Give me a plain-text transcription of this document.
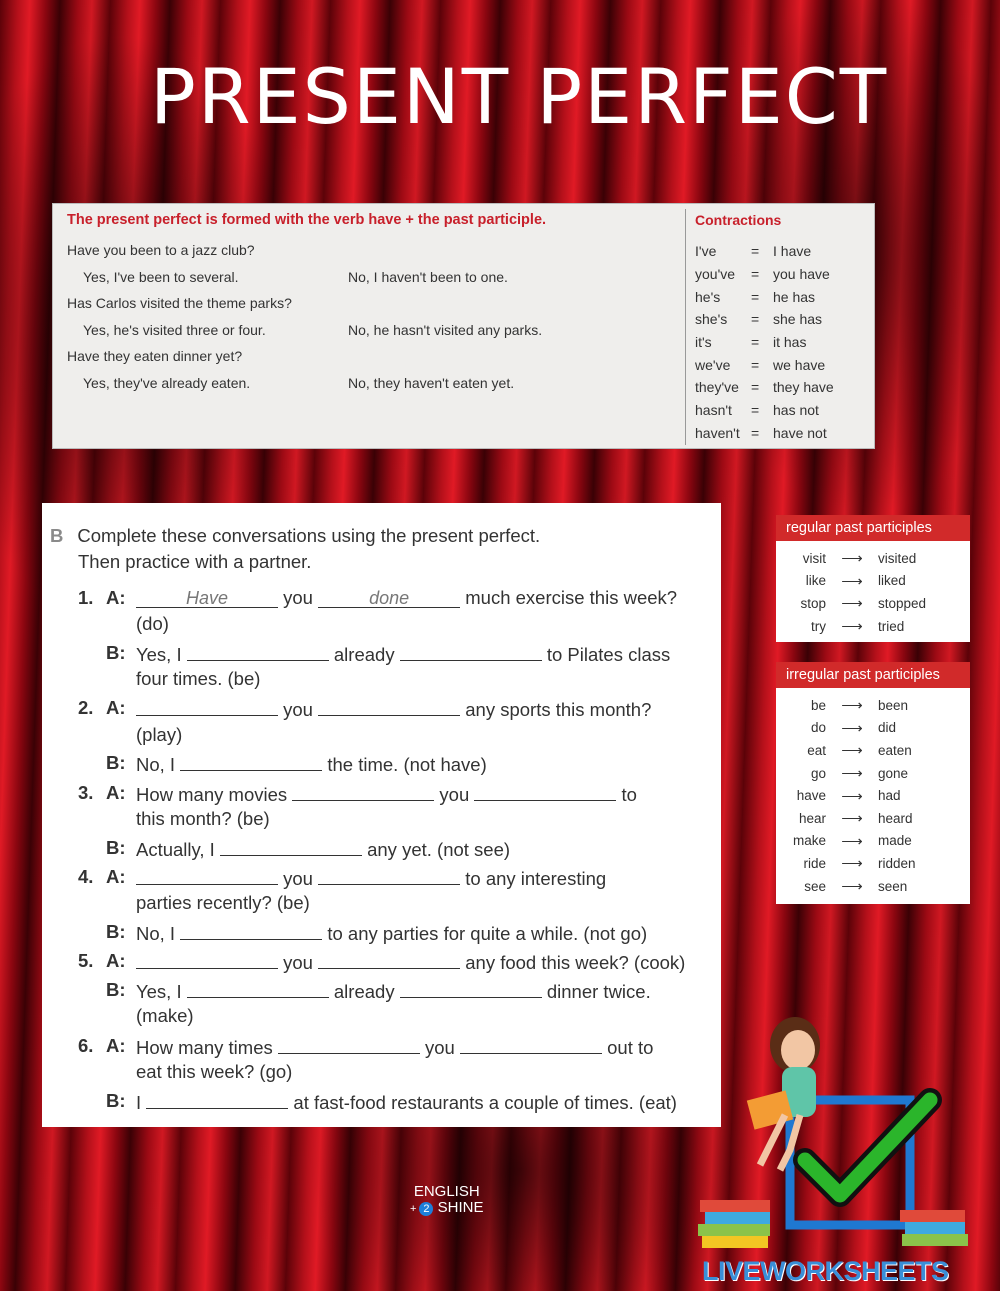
PRESENT PERFECT
The present perfect is formed with the verb have + the past participle.
Have you been to a jazz club?
Yes, I've been to several.	No, I haven't been to one.
Has Carlos visited the theme parks?
Yes, he's visited three or four.	No, he hasn't visited any parks.
Have they eaten dinner yet?
Yes, they've already eaten.	No, they haven't eaten yet.
Contractions
I've	= I have
you've	= you have
he's	= he has
she's	= she has
it's	= it has
we've	= we have
they've = they have
hasn't	= has not
haven't = have not
B Complete these conversations using the present perfect.
Then practice with a partner.
1. A:	Have	you	done	much exercise this week?
(do)
B: Yes, I	already	to Pilates class
four times. (be)
2. A:	you	any sports this month?
(play)
B: No, I	the time. (not have)
3. A: How many movies	you	to
this month? (be)
B: Actually, I	any yet. (not see)
4. A:	you	to any interesting
parties recently? (be)
B: No, I	to any parties for quite a while. (not go)
5. A:	you	any food this week? (cook)
B: Yes, I	already	dinner twice.
(make)
6. A: How many times	you	out to
eat this week? (go)
B: I	at fast-food restaurants a couple of times. (eat)
regular past participles
visit	⟶	visited
like	⟶	liked
stop	⟶	stopped
try	⟶	tried
irregular past participles
be	⟶	been
do	⟶	did
eat	⟶	eaten
go	⟶	gone
have	⟶	had
hear	⟶	heard
make	⟶	made
ride	⟶	ridden
see	⟶	seen
ENGLISH
+ 2 SHINE
LIVEWORKSHEETS
